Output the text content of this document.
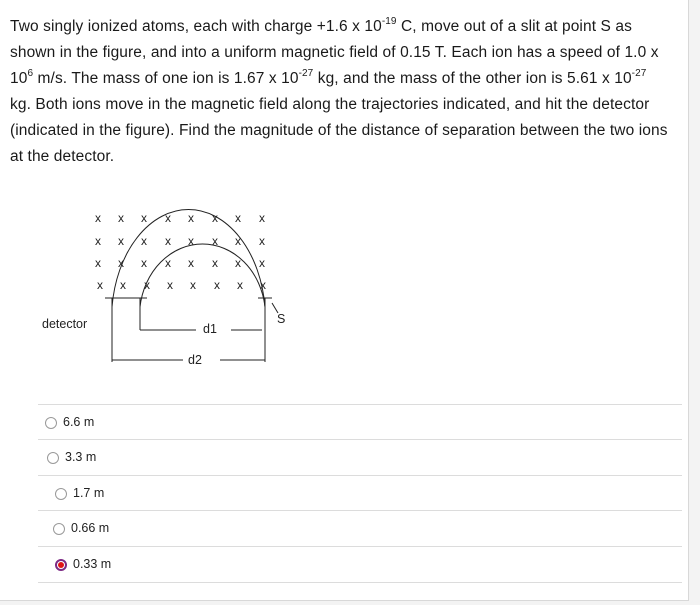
Two singly ionized atoms, each with charge +1.6 x $10^{-19}$ C, move out of a slit at point S as shown in the figure, and into a uniform magnetic field of 0.15 T. Each ion has a speed of 1.0 x $10^6$ m/s. The mass of one ion is 1.67 x $10^{-27}$ kg, and the mass of the other ion is 5.61 x $10^{-27}$ kg. Both ions move in the magnetic field along the trajectories indicated, and hit the detector (indicated in the figure). Find the magnitude of the distance of separation between the two ions at the detector.
x x x x x x x x
x x x x x x x x
x x x x x x x x
x x x x x x x x
detector	d1
d2
S
6.6 m
3.3 m
1.7 m
0.66 m
0.33 m
